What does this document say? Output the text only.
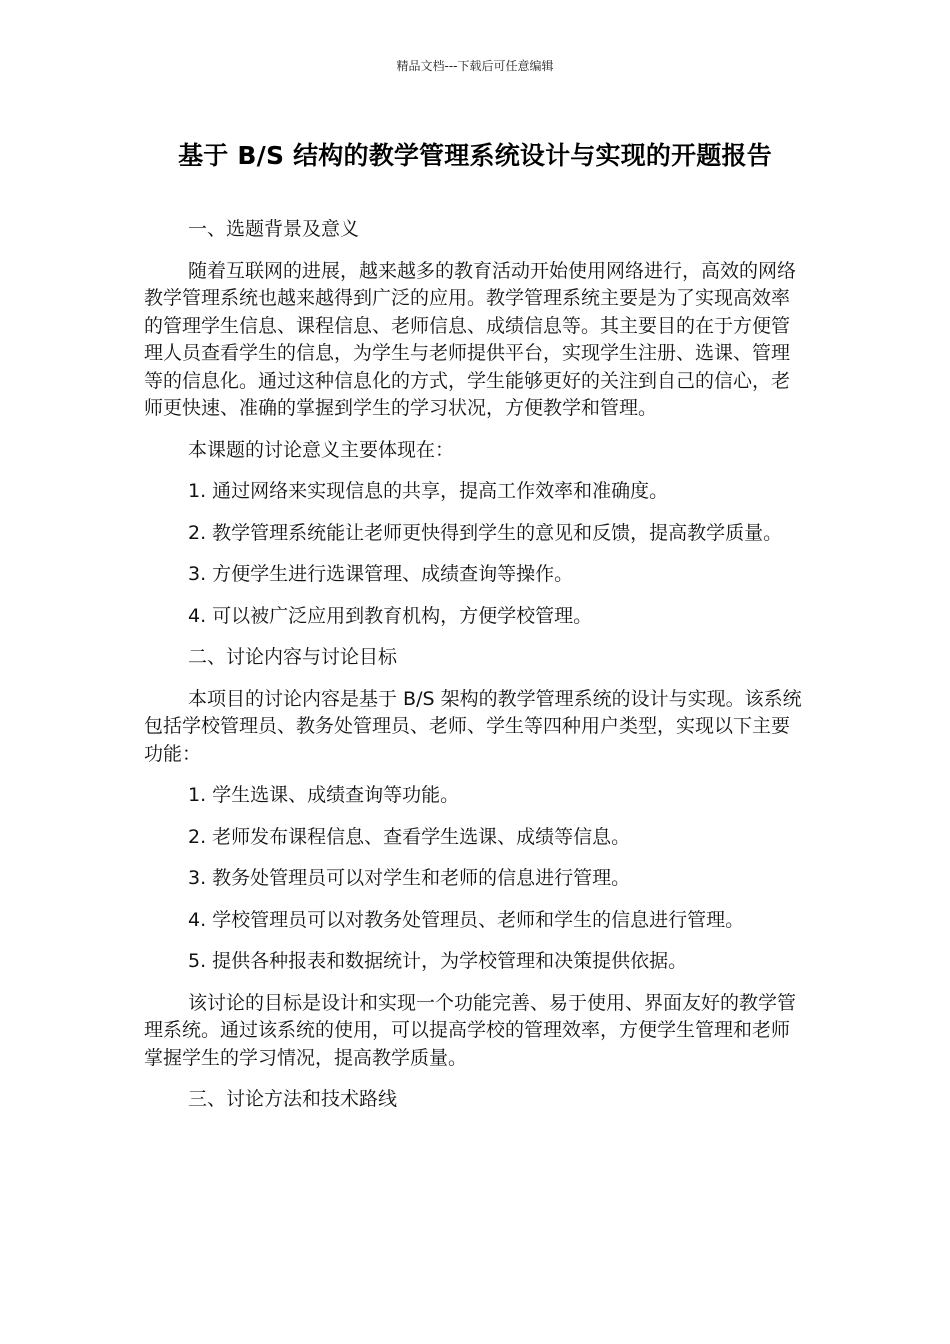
精品文档---下载后可任意编辑
基于 B/S 结构的教学管理系统设计与实现的开题报告

一、选题背景及意义

随着互联网的进展，越来越多的教育活动开始使用网络进行，高效的网络教学管理系统也越来越得到广泛的应用。教学管理系统主要是为了实现高效率的管理学生信息、课程信息、老师信息、成绩信息等。其主要目的在于方便管理人员查看学生的信息，为学生与老师提供平台，实现学生注册、选课、管理等的信息化。通过这种信息化的方式，学生能够更好的关注到自己的信心，老师更快速、准确的掌握到学生的学习状况，方便教学和管理。

本课题的讨论意义主要体现在：

1. 通过网络来实现信息的共享，提高工作效率和准确度。

2. 教学管理系统能让老师更快得到学生的意见和反馈，提高教学质量。

3. 方便学生进行选课管理、成绩查询等操作。

4. 可以被广泛应用到教育机构，方便学校管理。

二、讨论内容与讨论目标

本项目的讨论内容是基于 B/S 架构的教学管理系统的设计与实现。该系统包括学校管理员、教务处管理员、老师、学生等四种用户类型，实现以下主要功能：

1. 学生选课、成绩查询等功能。

2. 老师发布课程信息、查看学生选课、成绩等信息。

3. 教务处管理员可以对学生和老师的信息进行管理。

4. 学校管理员可以对教务处管理员、老师和学生的信息进行管理。

5. 提供各种报表和数据统计，为学校管理和决策提供依据。

该讨论的目标是设计和实现一个功能完善、易于使用、界面友好的教学管理系统。通过该系统的使用，可以提高学校的管理效率，方便学生管理和老师掌握学生的学习情况，提高教学质量。

三、讨论方法和技术路线
